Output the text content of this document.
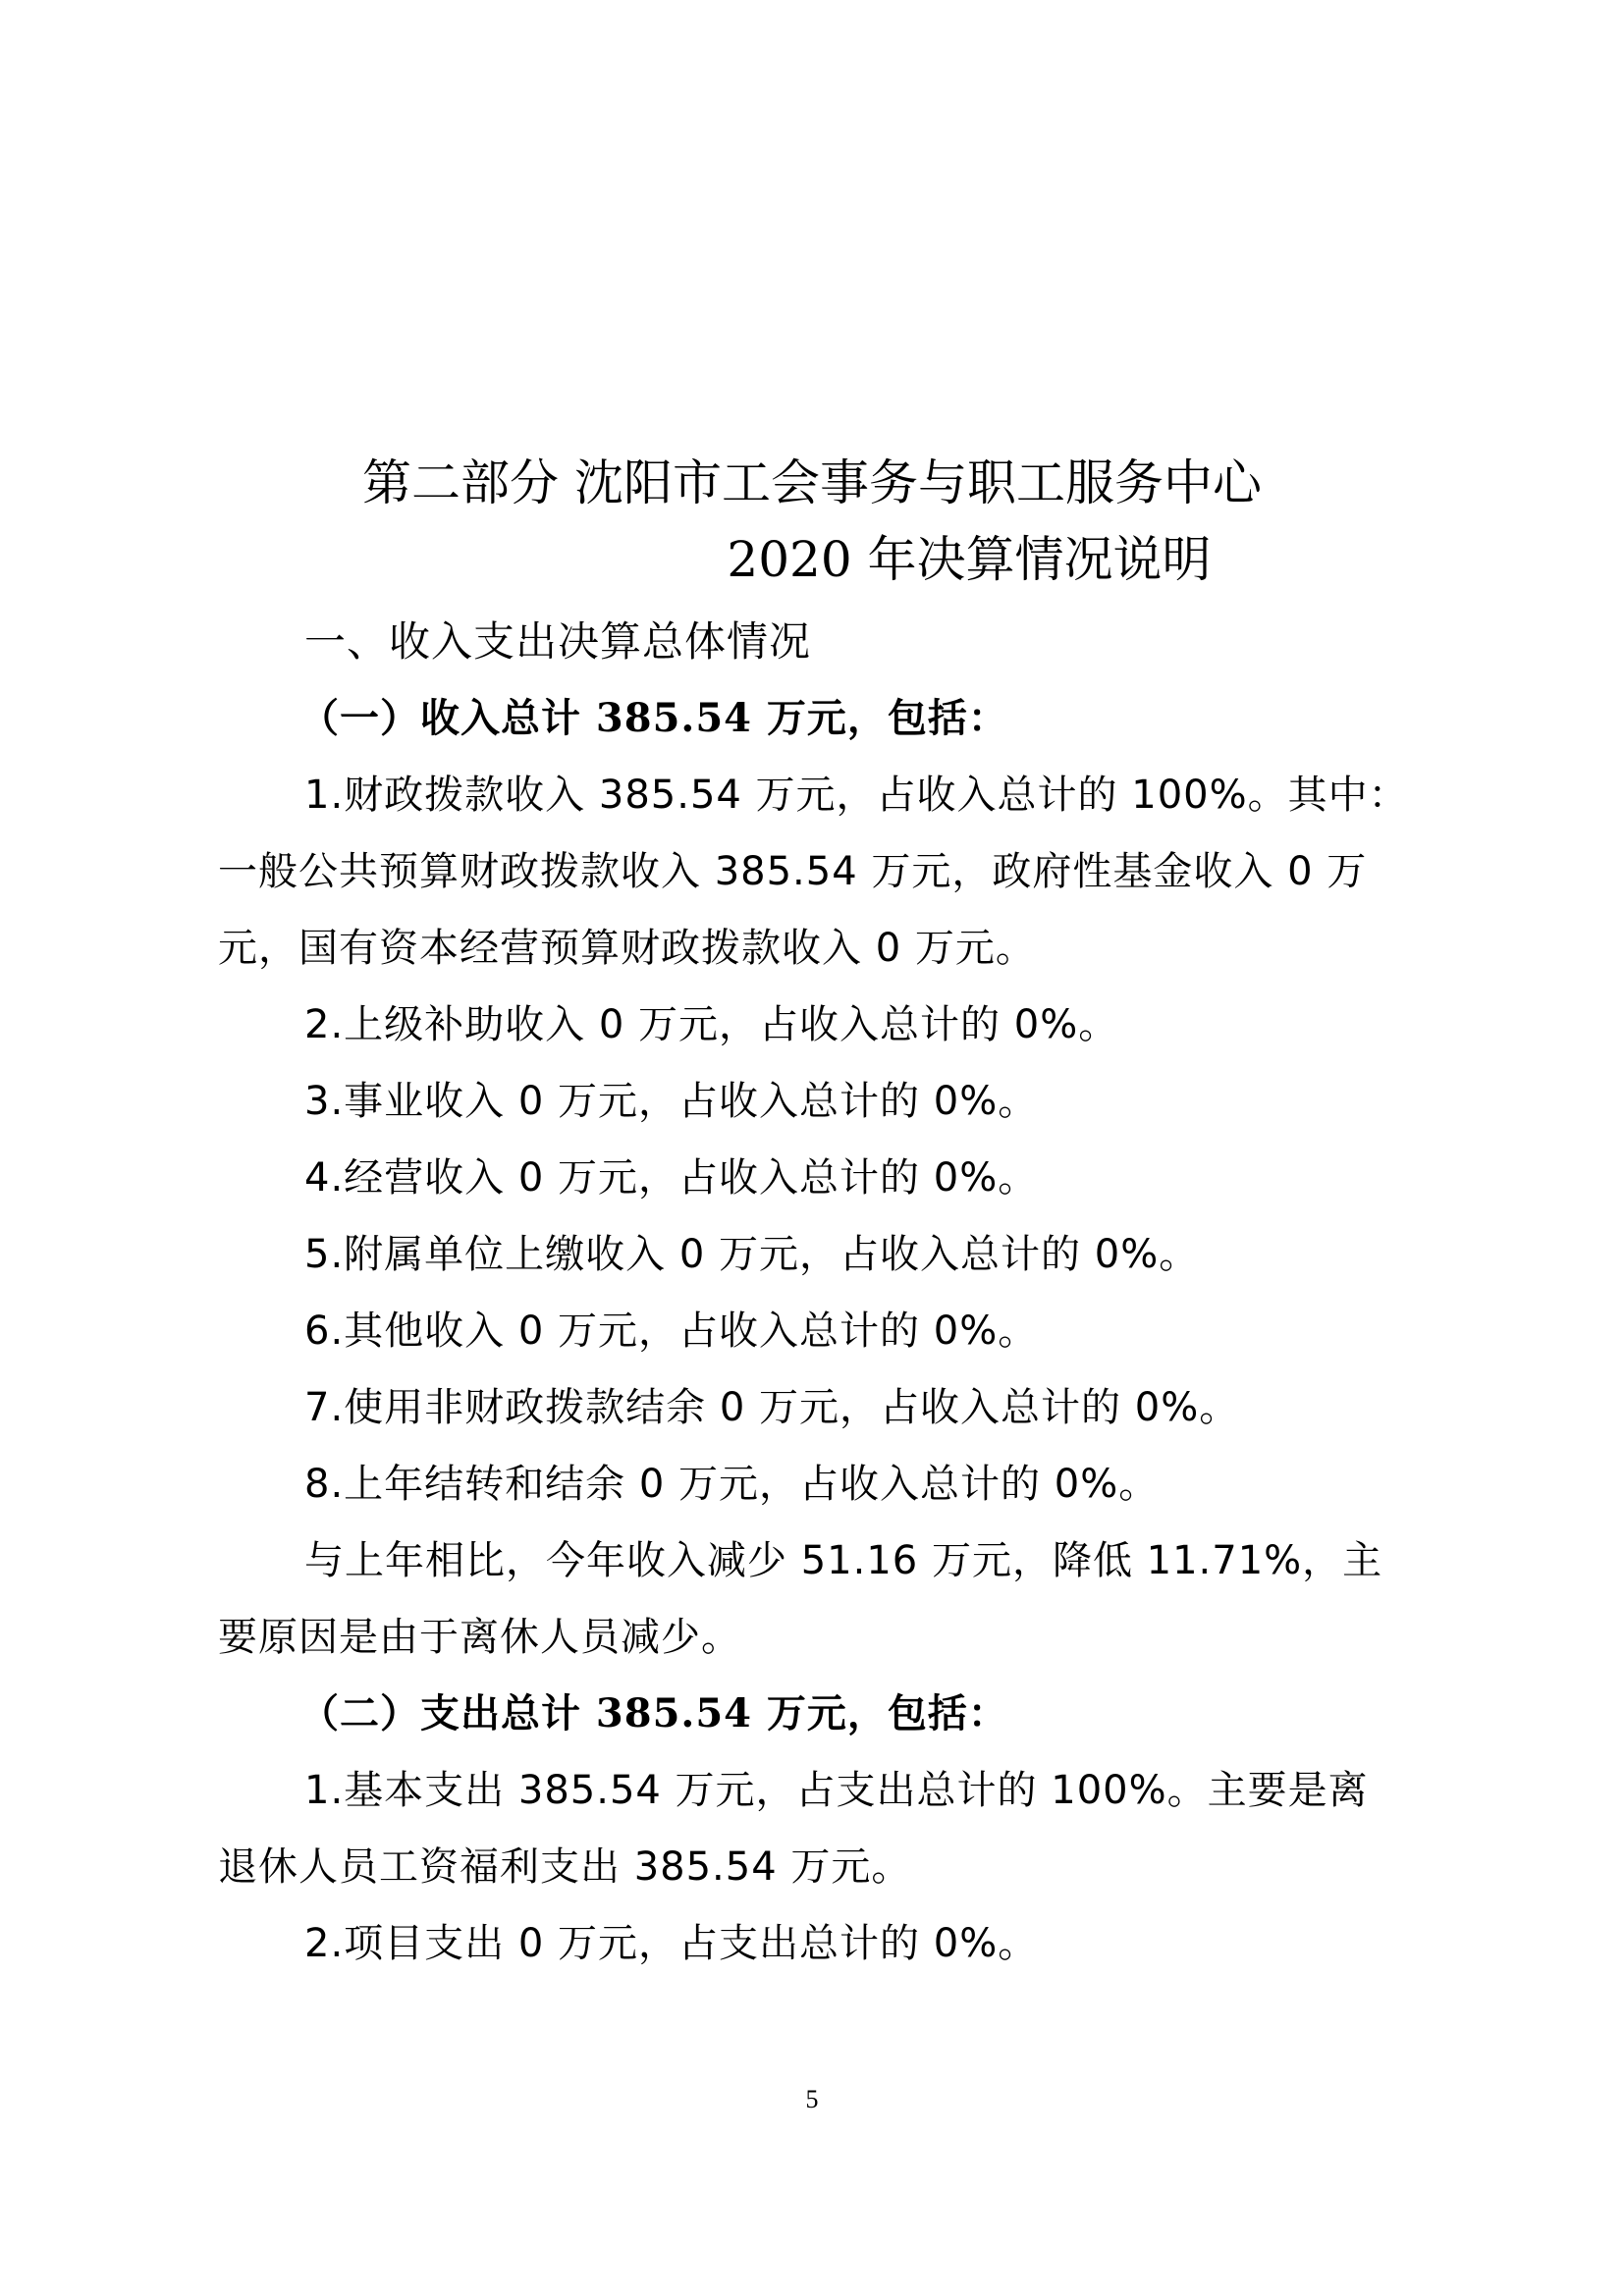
第二部分 沈阳市工会事务与职工服务中心
2020 年决算情况说明
一、收入支出决算总体情况
（一）收入总计 385.54 万元，包括：
1.财政拨款收入 385.54 万元，占收入总计的 100%。其中：
一般公共预算财政拨款收入 385.54 万元，政府性基金收入 0 万
元，国有资本经营预算财政拨款收入 0 万元。
2.上级补助收入 0 万元，占收入总计的 0%。
3.事业收入 0 万元，占收入总计的 0%。
4.经营收入 0 万元，占收入总计的 0%。
5.附属单位上缴收入 0 万元，占收入总计的 0%。
6.其他收入 0 万元，占收入总计的 0%。
7.使用非财政拨款结余 0 万元，占收入总计的 0%。
8.上年结转和结余 0 万元，占收入总计的 0%。
与上年相比，今年收入减少 51.16 万元，降低 11.71%，主
要原因是由于离休人员减少。
（二）支出总计 385.54 万元，包括：
1.基本支出 385.54 万元，占支出总计的 100%。主要是离
退休人员工资福利支出 385.54 万元。
2.项目支出 0 万元，占支出总计的 0%。
5
